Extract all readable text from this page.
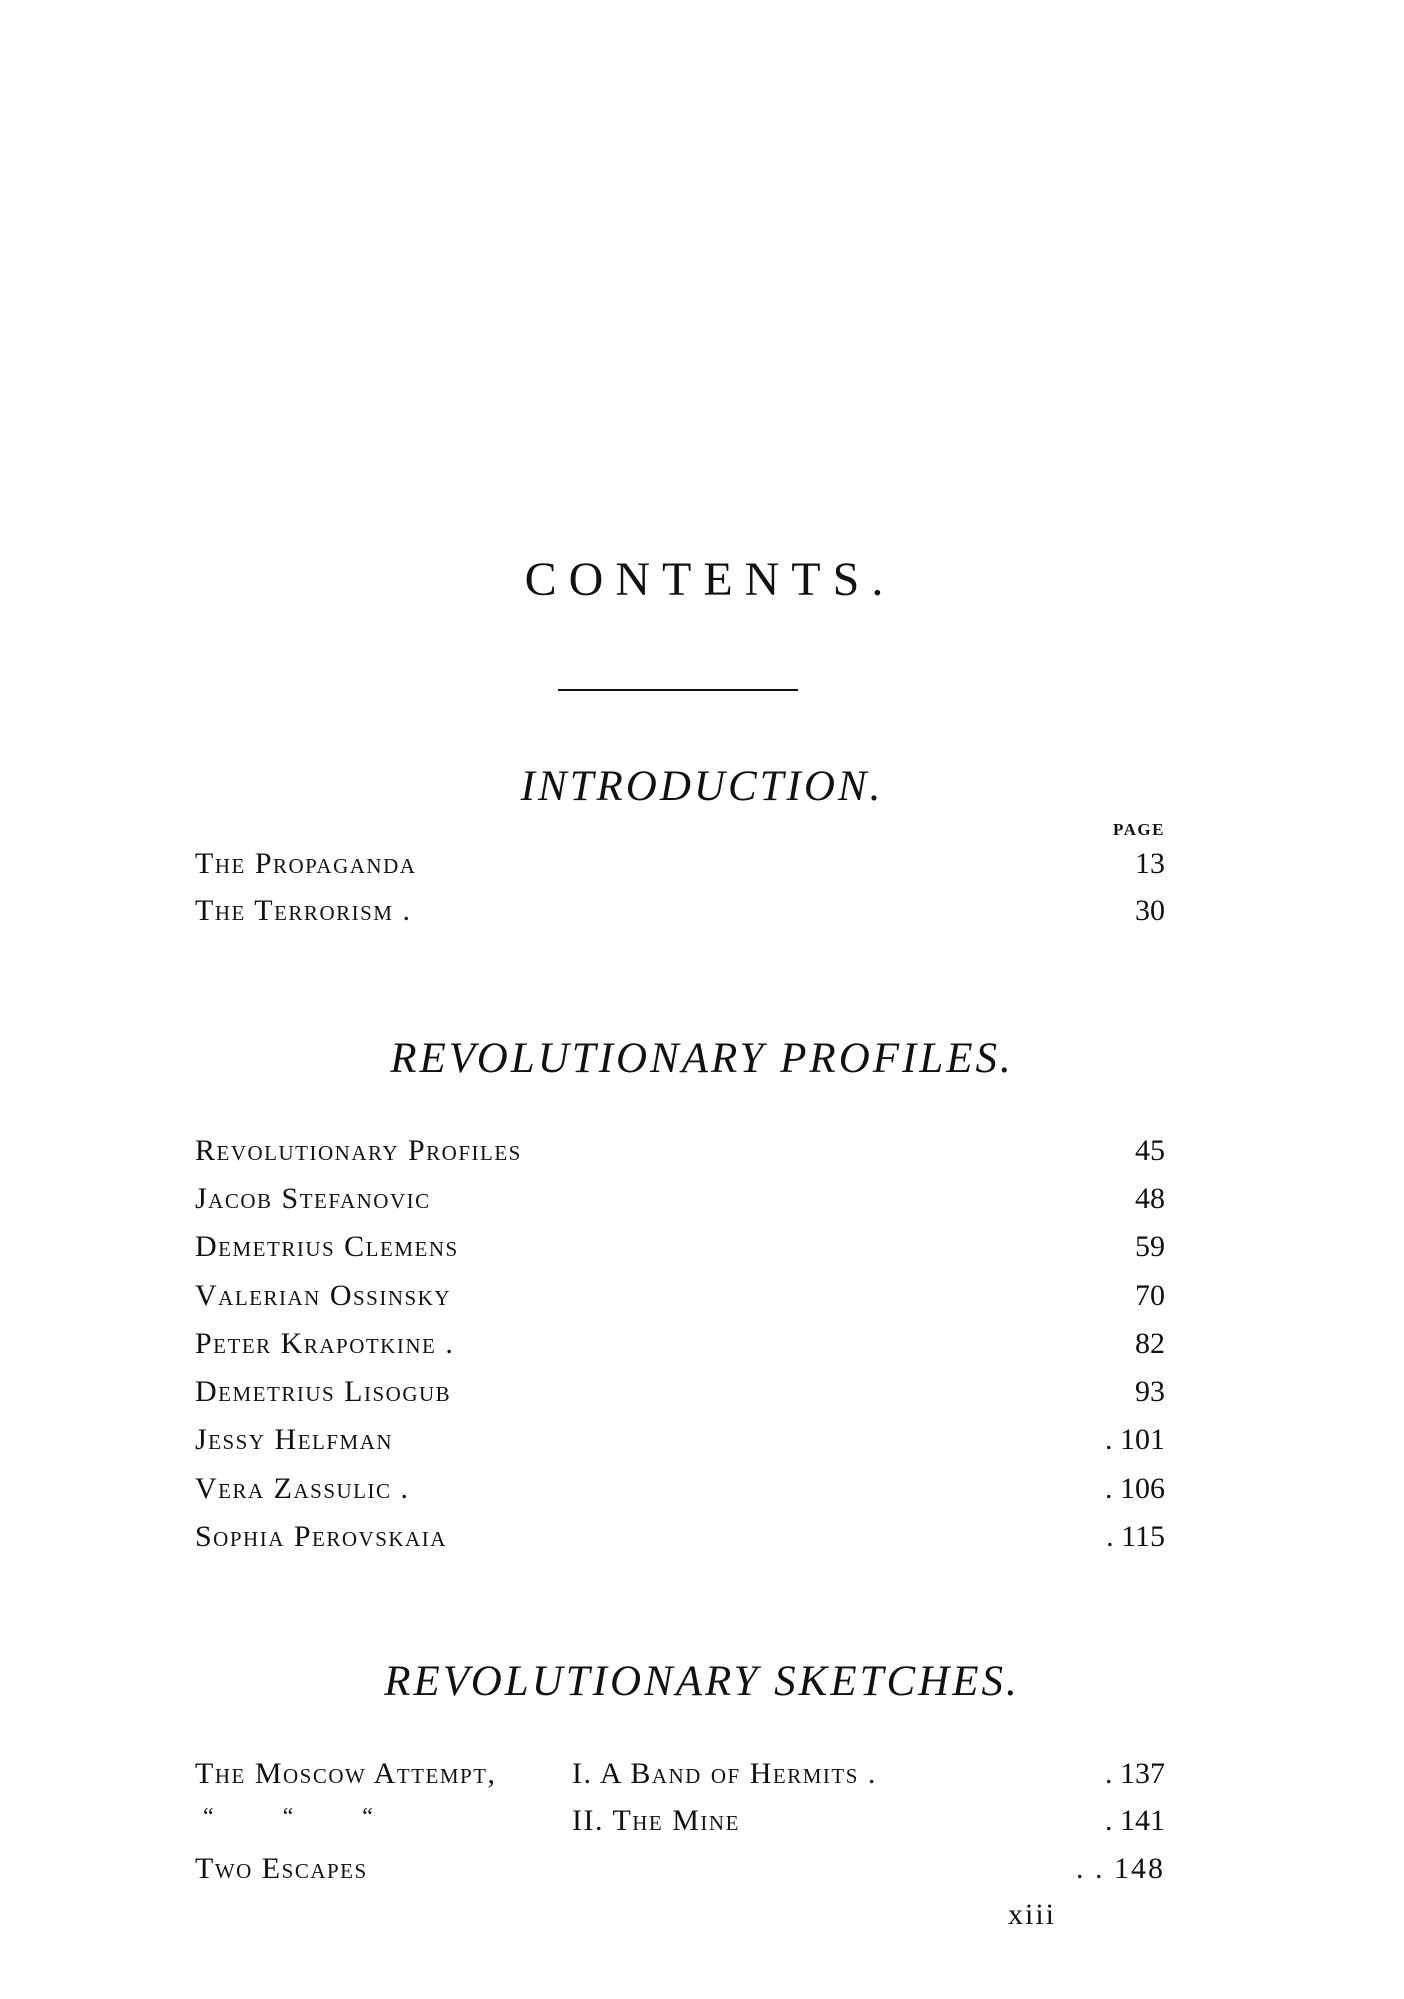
CONTENTS.
INTRODUCTION.
PAGE
The Propaganda	13
The Terrorism .	30
REVOLUTIONARY PROFILES.
Revolutionary Profiles	45
Jacob Stefanovic	48
Demetrius Clemens	59
Valerian Ossinsky	70
Peter Krapotkine .	82
Demetrius Lisogub	93
Jessy Helfman	. 101
Vera Zassulic .	. 106
Sophia Perovskaia	. 115
REVOLUTIONARY SKETCHES.
The Moscow Attempt,	I. A Band of Hermits .	. 137
“ “ “	II. The Mine	. 141
Two Escapes	. . 148
xiii
